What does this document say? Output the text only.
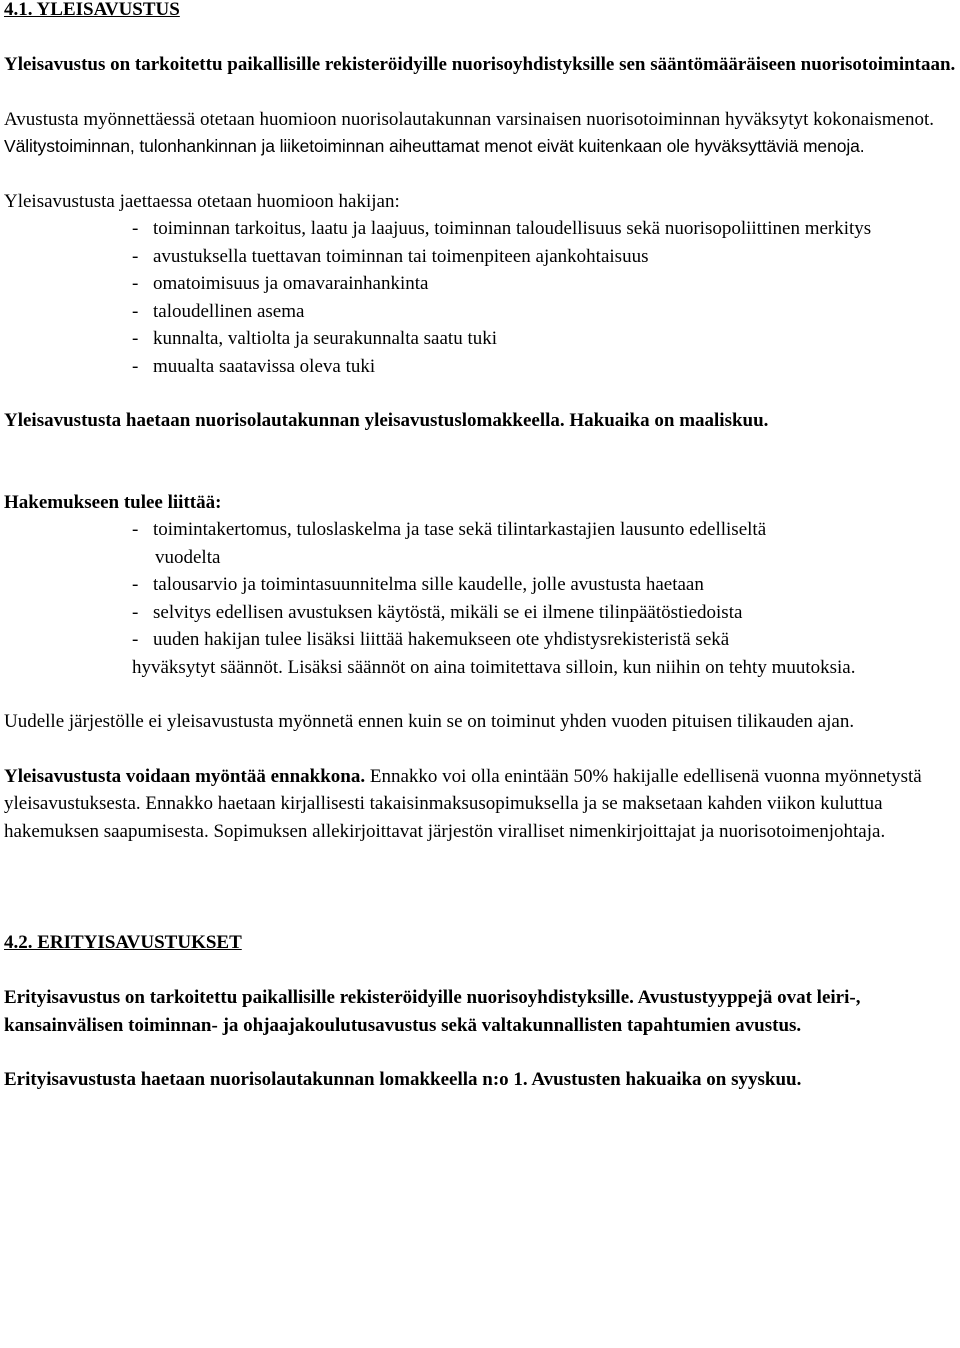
4.1. YLEISAVUSTUS

Yleisavustus on tarkoitettu paikallisille rekisteröidyille nuorisoyhdistyksille sen sääntömääräiseen nuorisotoimintaan.

Avustusta myönnettäessä otetaan huomioon nuorisolautakunnan varsinaisen nuorisotoiminnan hyväksytyt kokonaismenot. Välitystoiminnan, tulonhankinnan ja liiketoiminnan aiheuttamat menot eivät kuitenkaan ole hyväksyttäviä menoja.

Yleisavustusta jaettaessa otetaan huomioon hakijan:

- toiminnan tarkoitus, laatu ja laajuus, toiminnan taloudellisuus sekä nuorisopoliittinen merkitys
- avustuksella tuettavan toiminnan tai toimenpiteen ajankohtaisuus
- omatoimisuus ja omavarainhankinta
- taloudellinen asema
- kunnalta, valtiolta ja seurakunnalta saatu tuki
- muualta saatavissa oleva tuki

Yleisavustusta haetaan nuorisolautakunnan yleisavustuslomakkeella. Hakuaika on maaliskuu.

Hakemukseen tulee liittää:

- toimintakertomus, tuloslaskelma ja tase sekä tilintarkastajien lausunto edelliseltä
vuodelta
- talousarvio ja toimintasuunnitelma sille kaudelle, jolle avustusta haetaan
- selvitys edellisen avustuksen käytöstä, mikäli se ei ilmene tilinpäätöstiedoista
- uuden hakijan tulee lisäksi liittää hakemukseen ote yhdistysrekisteristä sekä

hyväksytyt säännöt. Lisäksi säännöt on aina toimitettava silloin, kun niihin on tehty muutoksia.

Uudelle järjestölle ei yleisavustusta myönnetä ennen kuin se on toiminut yhden vuoden pituisen tilikauden ajan.

Yleisavustusta voidaan myöntää ennakkona. Ennakko voi olla enintään 50% hakijalle edellisenä vuonna myönnetystä yleisavustuksesta. Ennakko haetaan kirjallisesti takaisinmaksusopimuksella ja se maksetaan kahden viikon kuluttua hakemuksen saapumisesta. Sopimuksen allekirjoittavat järjestön viralliset nimenkirjoittajat ja nuorisotoimenjohtaja.

4.2. ERITYISAVUSTUKSET

Erityisavustus on tarkoitettu paikallisille rekisteröidyille nuorisoyhdistyksille. Avustustyyppejä ovat leiri-, kansainvälisen toiminnan- ja ohjaajakoulutusavustus sekä valtakunnallisten tapahtumien avustus.

Erityisavustusta haetaan nuorisolautakunnan lomakkeella n:o 1. Avustusten hakuaika on syyskuu.
